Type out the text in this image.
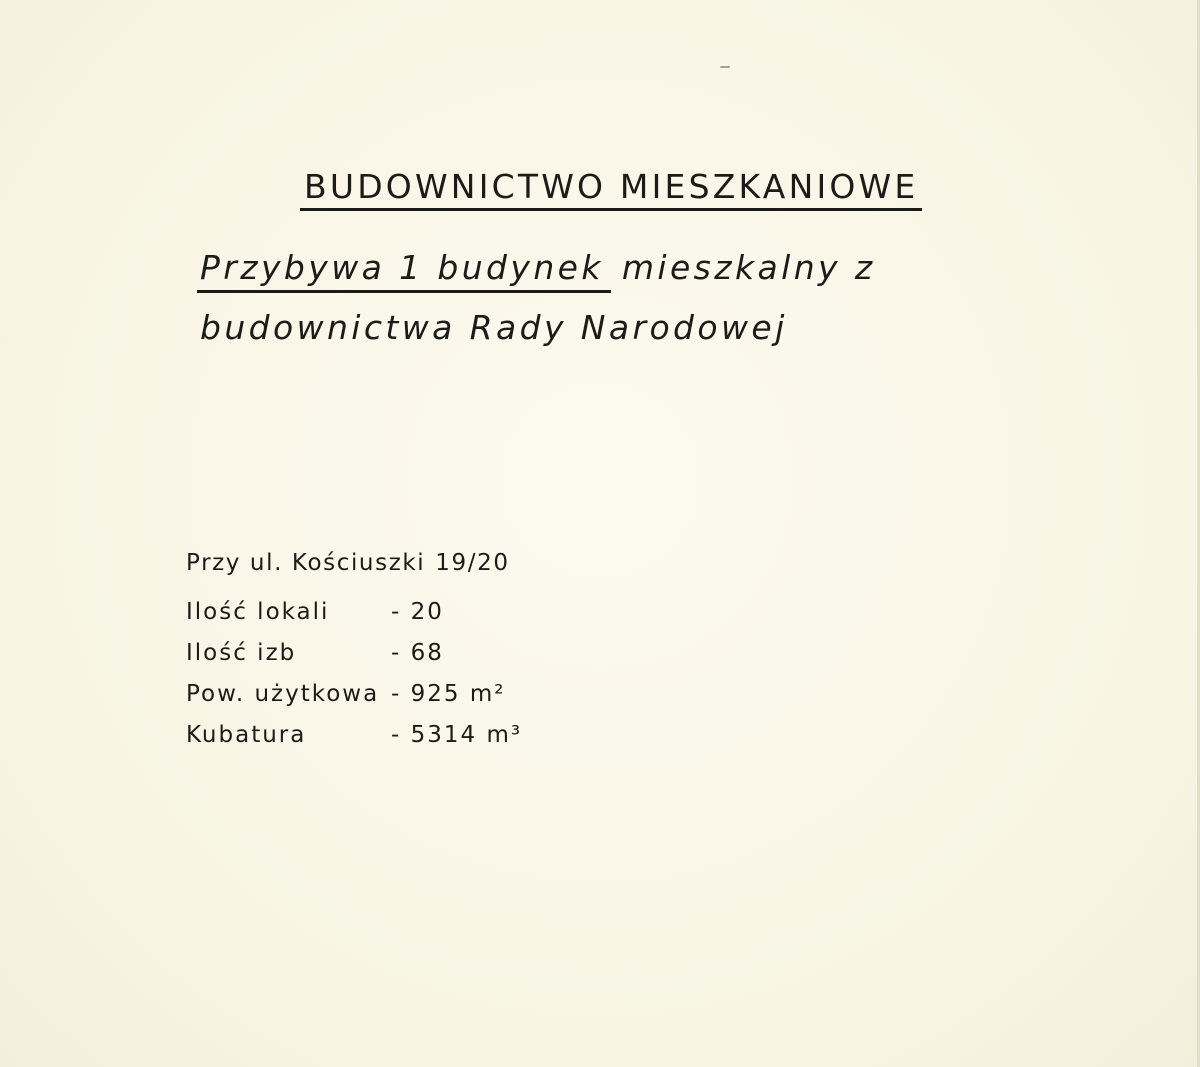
BUDOWNICTWO MIESZKANIOWE
Przybywa 1 budynek mieszkalny z
budownictwa Rady Narodowej
Przy ul. Kościuszki 19/20
Ilość lokali	- 20
Ilość izb	- 68
Pow. użytkowa - 925 m²
Kubatura	- 5314 m³
